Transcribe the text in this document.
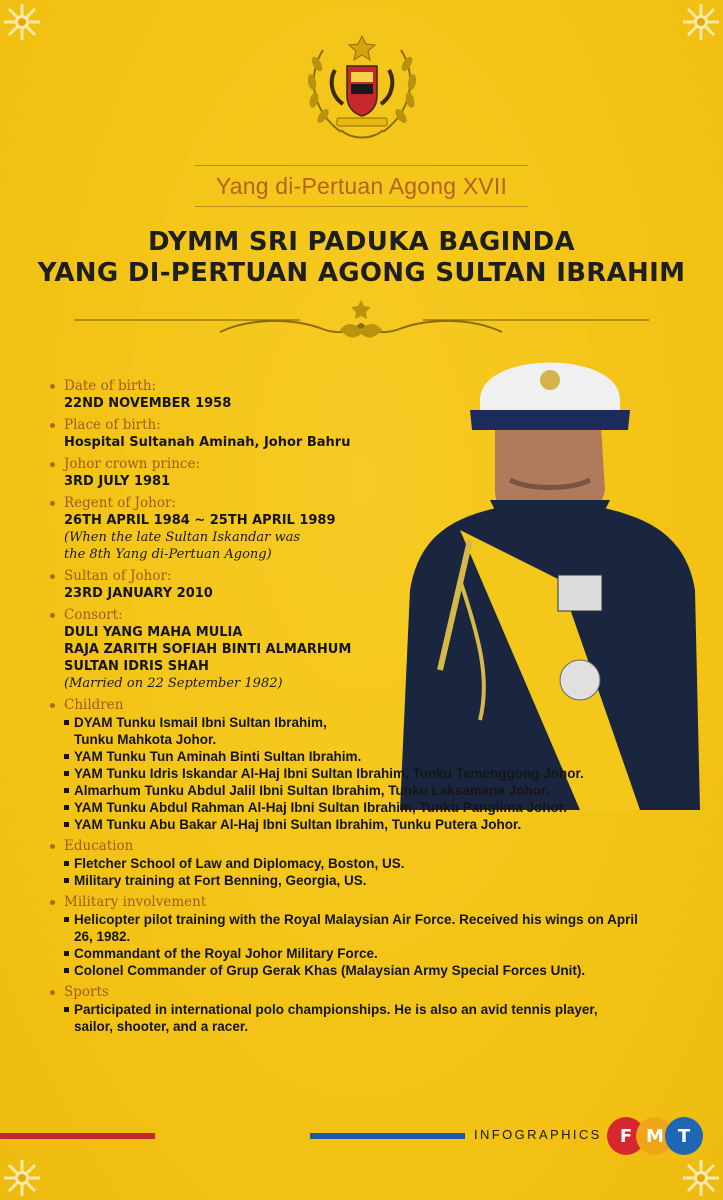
Yang di-Pertuan Agong XVII
DYMM SRI PADUKA BAGINDA
YANG DI-PERTUAN AGONG SULTAN IBRAHIM
Date of birth:
22ND NOVEMBER 1958
Place of birth:
Hospital Sultanah Aminah, Johor Bahru
Johor crown prince:
3RD JULY 1981
Regent of Johor:
26TH APRIL 1984 ~ 25TH APRIL 1989
(When the late Sultan Iskandar was
the 8th Yang di-Pertuan Agong)
Sultan of Johor:
23RD JANUARY 2010
Consort:
DULI YANG MAHA MULIA
RAJA ZARITH SOFIAH BINTI ALMARHUM
SULTAN IDRIS SHAH
(Married on 22 September 1982)
Children
DYAM Tunku Ismail Ibni Sultan Ibrahim,
Tunku Mahkota Johor.
YAM Tunku Tun Aminah Binti Sultan Ibrahim.
YAM Tunku Idris Iskandar Al-Haj Ibni Sultan Ibrahim, Tunku Temenggong Johor.
Almarhum Tunku Abdul Jalil Ibni Sultan Ibrahim, Tunku Laksamana Johor.
YAM Tunku Abdul Rahman Al-Haj Ibni Sultan Ibrahim, Tunku Panglima Johor.
YAM Tunku Abu Bakar Al-Haj Ibni Sultan Ibrahim, Tunku Putera Johor.
Education
Fletcher School of Law and Diplomacy, Boston, US.
Military training at Fort Benning, Georgia, US.
Military involvement
Helicopter pilot training with the Royal Malaysian Air Force. Received his wings on April 26, 1982.
Commandant of the Royal Johor Military Force.
Colonel Commander of Grup Gerak Khas (Malaysian Army Special Forces Unit).
Sports
Participated in international polo championships. He is also an avid tennis player, sailor, shooter, and a racer.
INFOGRAPHICS	F M T
